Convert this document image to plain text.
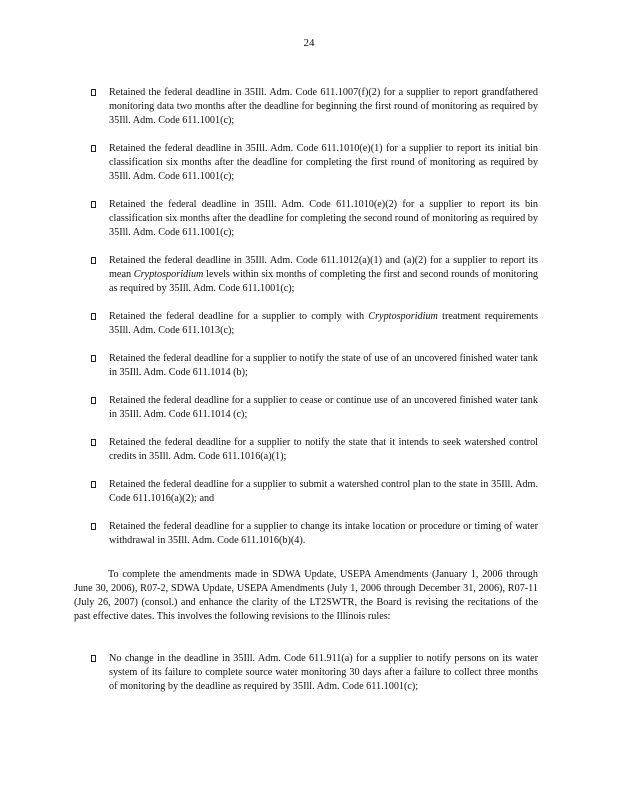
24
Retained the federal deadline in 35Ill. Adm. Code 611.1007(f)(2) for a supplier to report grandfathered monitoring data two months after the deadline for beginning the first round of monitoring as required by 35Ill. Adm. Code 611.1001(c);
Retained the federal deadline in 35Ill. Adm. Code 611.1010(e)(1) for a supplier to report its initial bin classification six months after the deadline for completing the first round of monitoring as required by 35Ill. Adm. Code 611.1001(c);
Retained the federal deadline in 35Ill. Adm. Code 611.1010(e)(2) for a supplier to report its bin classification six months after the deadline for completing the second round of monitoring as required by 35Ill. Adm. Code 611.1001(c);
Retained the federal deadline in 35Ill. Adm. Code 611.1012(a)(1) and (a)(2) for a supplier to report its mean Cryptosporidium levels within six months of completing the first and second rounds of monitoring as required by 35Ill. Adm. Code 611.1001(c);
Retained the federal deadline for a supplier to comply with Cryptosporidium treatment requirements 35Ill. Adm. Code 611.1013(c);
Retained the federal deadline for a supplier to notify the state of use of an uncovered finished water tank in 35Ill. Adm. Code 611.1014 (b);
Retained the federal deadline for a supplier to cease or continue use of an uncovered finished water tank in 35Ill. Adm. Code 611.1014 (c);
Retained the federal deadline for a supplier to notify the state that it intends to seek watershed control credits in 35Ill. Adm. Code 611.1016(a)(1);
Retained the federal deadline for a supplier to submit a watershed control plan to the state in 35Ill. Adm. Code 611.1016(a)(2); and
Retained the federal deadline for a supplier to change its intake location or procedure or timing of water withdrawal in 35Ill. Adm. Code 611.1016(b)(4).

To complete the amendments made in SDWA Update, USEPA Amendments (January 1, 2006 through June 30, 2006), R07-2, SDWA Update, USEPA Amendments (July 1, 2006 through December 31, 2006), R07-11 (July 26, 2007) (consol.) and enhance the clarity of the LT2SWTR, the Board is revising the recitations of the past effective dates. This involves the following revisions to the Illinois rules:

No change in the deadline in 35Ill. Adm. Code 611.911(a) for a supplier to notify persons on its water system of its failure to complete source water monitoring 30 days after a failure to collect three months of monitoring by the deadline as required by 35Ill. Adm. Code 611.1001(c);
